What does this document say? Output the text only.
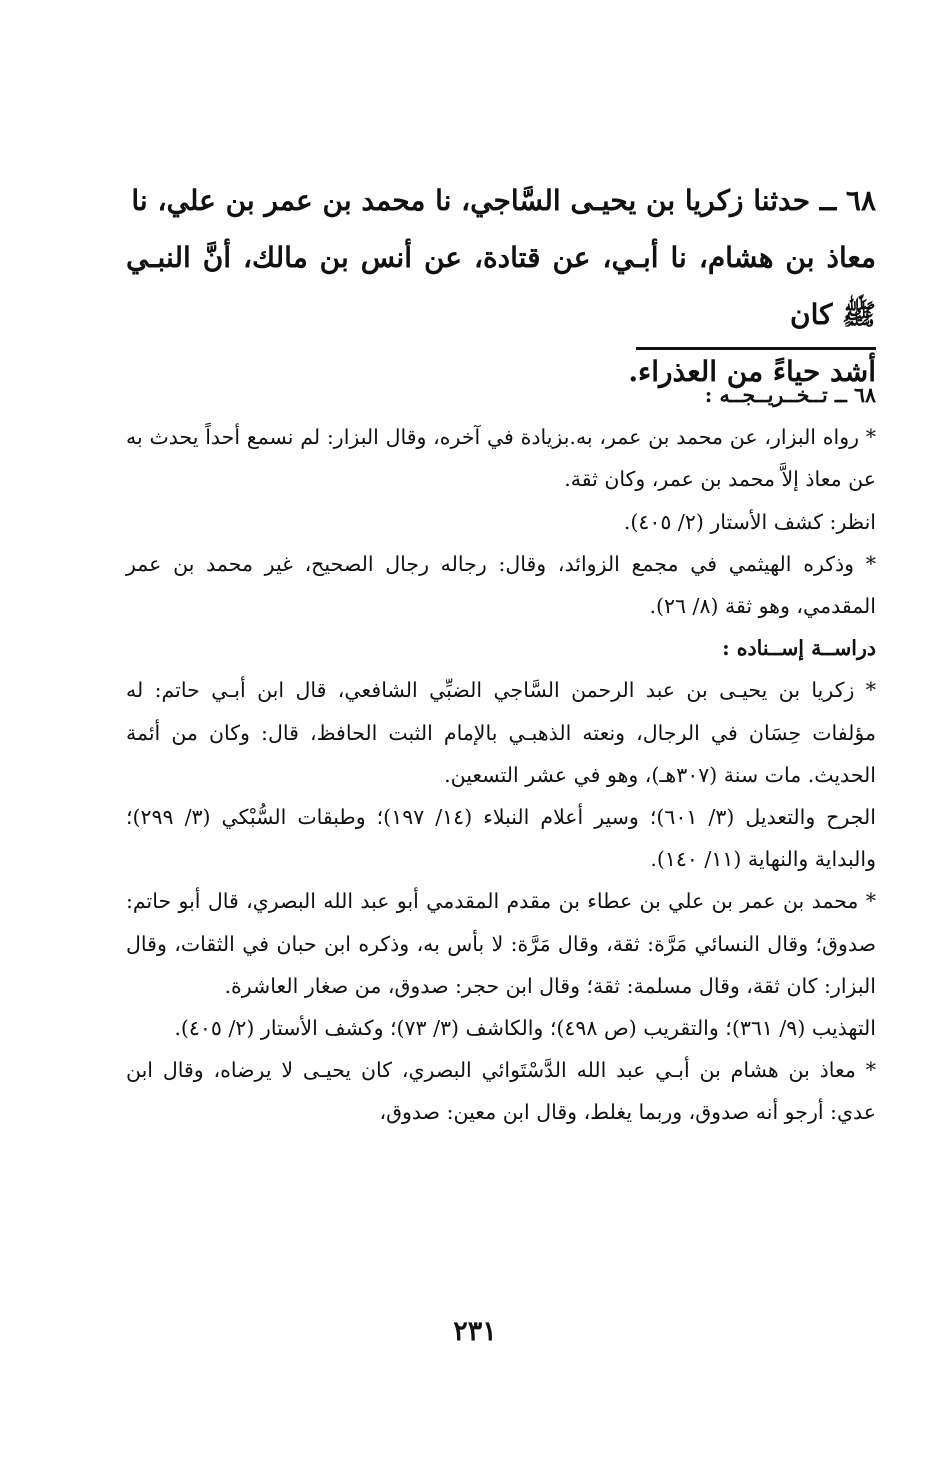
٦٨ ــ حدثنا زكريا بن يحيـى السَّاجي، نا محمد بن عمر بن علي، نا
معاذ بن هشام، نا أبـي، عن قتادة، عن أنس بن مالك، أنَّ النبـي ﷺ كان
أشد حياءً من العذراء.

٦٨ ــ تــخــريــجــه :

* رواه البزار، عن محمد بن عمر، به.بزيادة في آخره، وقال البزار: لم نسمع أحداً يحدث به عن معاذ إلاَّ محمد بن عمر، وكان ثقة.

انظر: كشف الأستار (٢/ ٤٠٥).

* وذكره الهيثمي في مجمع الزوائد، وقال: رجاله رجال الصحيح، غير محمد بن عمر المقدمي، وهو ثقة (٨/ ٢٦).

دراســة إســناده :

* زكريا بن يحيـى بن عبد الرحمن السَّاجي الضبِّي الشافعي، قال ابن أبـي حاتم: له مؤلفات حِسَان في الرجال، ونعته الذهبـي بالإمام الثبت الحافظ، قال: وكان من أئمة الحديث. مات سنة (٣٠٧هـ)، وهو في عشر التسعين.

الجرح والتعديل (٣/ ٦٠١)؛ وسير أعلام النبلاء (١٤/ ١٩٧)؛ وطبقات السُّبْكي (٣/ ٢٩٩)؛ والبداية والنهاية (١١/ ١٤٠).

* محمد بن عمر بن علي بن عطاء بن مقدم المقدمي أبو عبد الله البصري، قال أبو حاتم: صدوق؛ وقال النسائي مَرَّة: ثقة، وقال مَرَّة: لا بأس به، وذكره ابن حبان في الثقات، وقال البزار: كان ثقة، وقال مسلمة: ثقة؛ وقال ابن حجر: صدوق، من صغار العاشرة.

التهذيب (٩/ ٣٦١)؛ والتقريب (ص ٤٩٨)؛ والكاشف (٣/ ٧٣)؛ وكشف الأستار (٢/ ٤٠٥).

* معاذ بن هشام بن أبـي عبد الله الدَّسْتَوائي البصري، كان يحيـى لا يرضاه، وقال ابن عدي: أرجو أنه صدوق، وربما يغلط، وقال ابن معين: صدوق،

٢٣١
